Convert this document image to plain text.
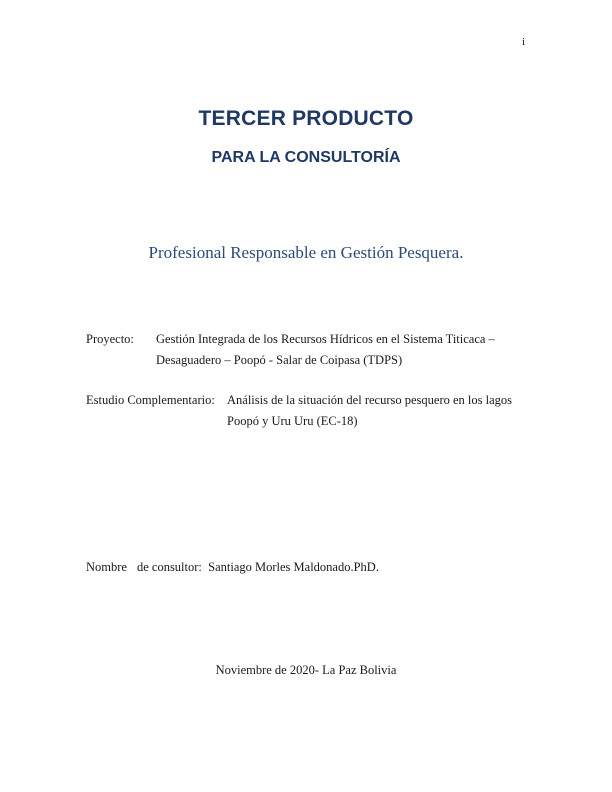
i
TERCER PRODUCTO
PARA LA CONSULTORÍA
Profesional Responsable en Gestión Pesquera.
Proyecto: Gestión Integrada de los Recursos Hídricos en el Sistema Titicaca – Desaguadero – Poopó - Salar de Coipasa (TDPS)
Estudio Complementario: Análisis de la situación del recurso pesquero en los lagos Poopó y Uru Uru (EC-18)
Nombre de consultor: Santiago Morles Maldonado.PhD.
Noviembre de 2020- La Paz Bolivia
